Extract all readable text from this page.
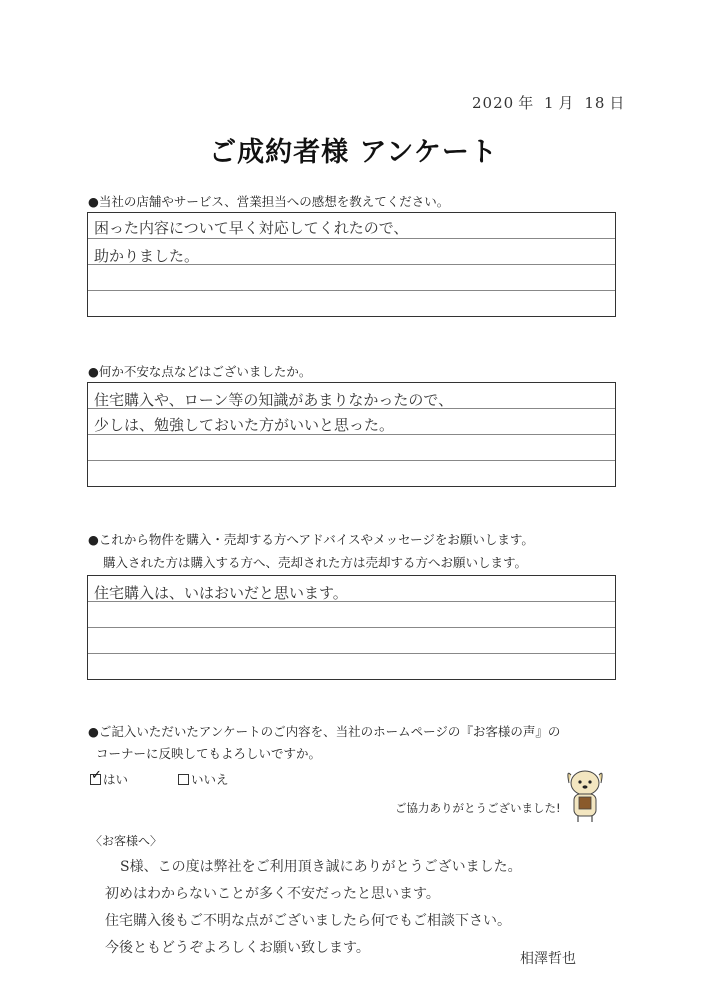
2020 年 1 月 18 日
ご成約者様 アンケート
●当社の店舗やサービス、営業担当への感想を教えてください。
困った内容について早く対応してくれたので、
助かりました。
●何か不安な点などはございましたか。
住宅購入や、ローン等の知識があまりなかったので、
少しは、勉強しておいた方がいいと思った。
●これから物件を購入・売却する方へアドバイスやメッセージをお願いします。
購入された方は購入する方へ、売却された方は売却する方へお願いします。
住宅購入は、いはおいだと思います。
●ご記入いただいたアンケートのご内容を、当社のホームページの『お客様の声』の
コーナーに反映してもよろしいですか。
✓はい	いいえ
ご協力ありがとうございました!
〈お客様へ〉
S様、この度は弊社をご利用頂き誠にありがとうございました。
初めはわからないことが多く不安だったと思います。
住宅購入後もご不明な点がございましたら何でもご相談下さい。
今後ともどうぞよろしくお願い致します。
相澤哲也
